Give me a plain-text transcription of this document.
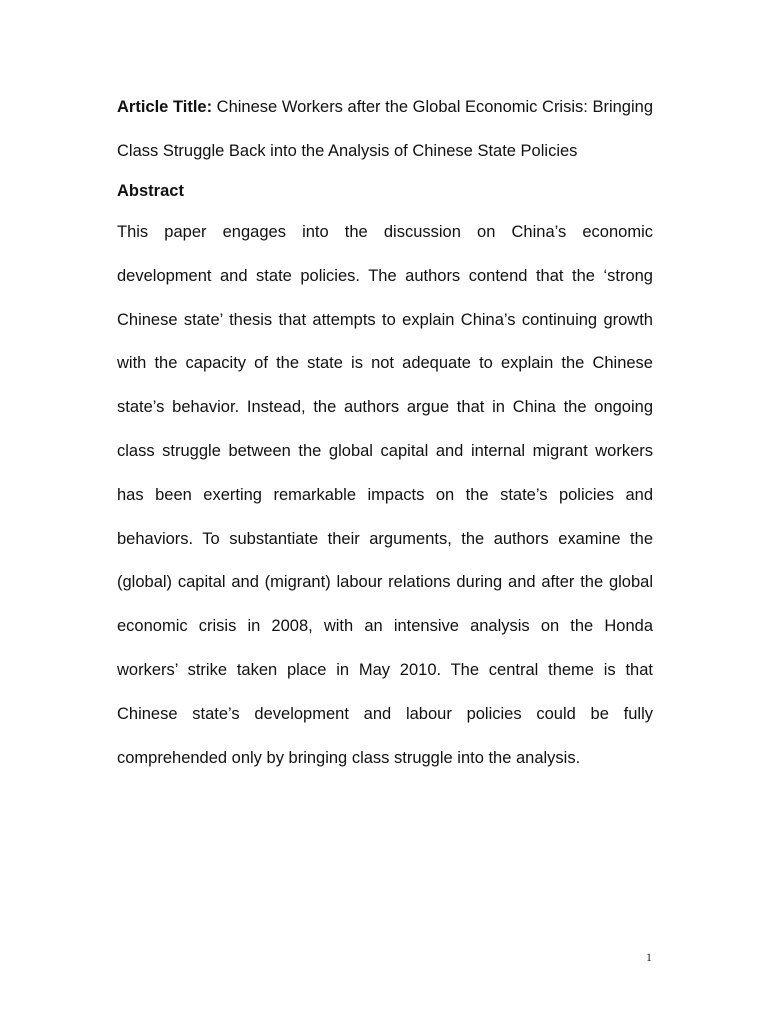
Article Title: Chinese Workers after the Global Economic Crisis: Bringing Class Struggle Back into the Analysis of Chinese State Policies

Abstract

This paper engages into the discussion on China’s economic development and state policies. The authors contend that the ‘strong Chinese state’ thesis that attempts to explain China’s continuing growth with the capacity of the state is not adequate to explain the Chinese state’s behavior. Instead, the authors argue that in China the ongoing class struggle between the global capital and internal migrant workers has been exerting remarkable impacts on the state’s policies and behaviors. To substantiate their arguments, the authors examine the (global) capital and (migrant) labour relations during and after the global economic crisis in 2008, with an intensive analysis on the Honda workers’ strike taken place in May 2010. The central theme is that Chinese state’s development and labour policies could be fully comprehended only by bringing class struggle into the analysis.

1
